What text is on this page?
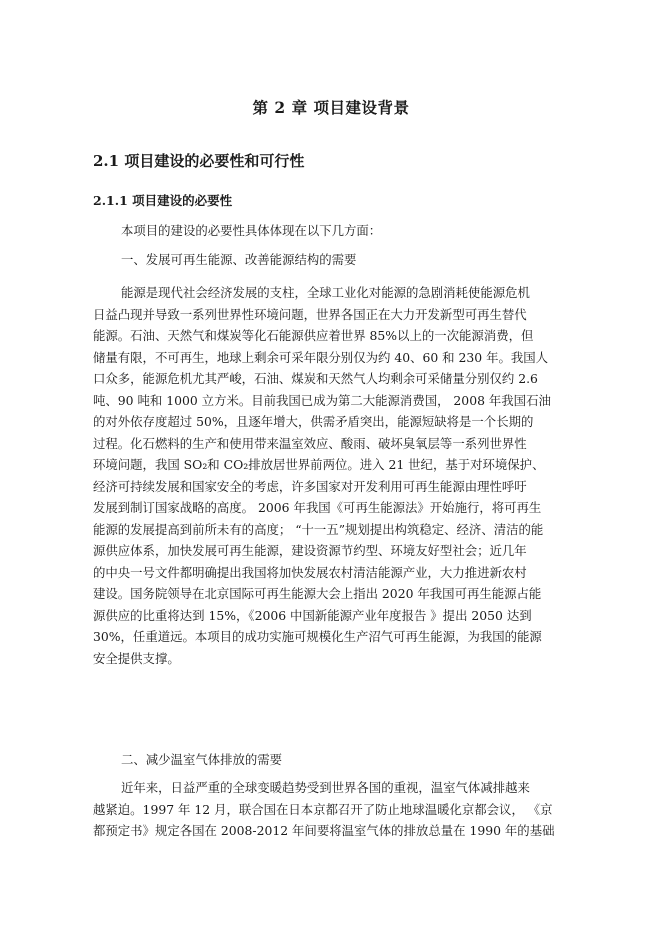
第 2 章 项目建设背景
2.1 项目建设的必要性和可行性
2.1.1 项目建设的必要性
本项目的建设的必要性具体体现在以下几方面：
一、发展可再生能源、改善能源结构的需要
能源是现代社会经济发展的支柱，全球工业化对能源的急剧消耗使能源危机
日益凸现并导致一系列世界性环境问题，世界各国正在大力开发新型可再生替代
能源。石油、天然气和煤炭等化石能源供应着世界 85%以上的一次能源消费，但
储量有限，不可再生，地球上剩余可采年限分别仅为约 40、60 和 230 年。我国人
口众多，能源危机尤其严峻，石油、煤炭和天然气人均剩余可采储量分别仅约 2.6
吨、90 吨和 1000 立方米。目前我国已成为第二大能源消费国， 2008 年我国石油
的对外依存度超过 50%，且逐年增大，供需矛盾突出，能源短缺将是一个长期的
过程。化石燃料的生产和使用带来温室效应、酸雨、破坏臭氧层等一系列世界性
环境问题，我国 SO₂和 CO₂排放居世界前两位。进入 21 世纪，基于对环境保护、
经济可持续发展和国家安全的考虑，许多国家对开发利用可再生能源由理性呼吁
发展到制订国家战略的高度。 2006 年我国《可再生能源法》开始施行，将可再生
能源的发展提高到前所未有的高度； “十一五”规划提出构筑稳定、经济、清洁的能
源供应体系，加快发展可再生能源，建设资源节约型、环境友好型社会；近几年
的中央一号文件都明确提出我国将加快发展农村清洁能源产业，大力推进新农村
建设。国务院领导在北京国际可再生能源大会上指出 2020 年我国可再生能源占能
源供应的比重将达到 15%，《2006 中国新能源产业年度报告 》提出 2050 达到
30%，任重道远。本项目的成功实施可规模化生产沼气可再生能源，为我国的能源
安全提供支撑。
二、减少温室气体排放的需要
近年来，日益严重的全球变暖趋势受到世界各国的重视，温室气体减排越来
越紧迫。1997 年 12 月，联合国在日本京都召开了防止地球温暖化京都会议， 《京
都预定书》规定各国在 2008-2012 年间要将温室气体的排放总量在 1990 年的基础
